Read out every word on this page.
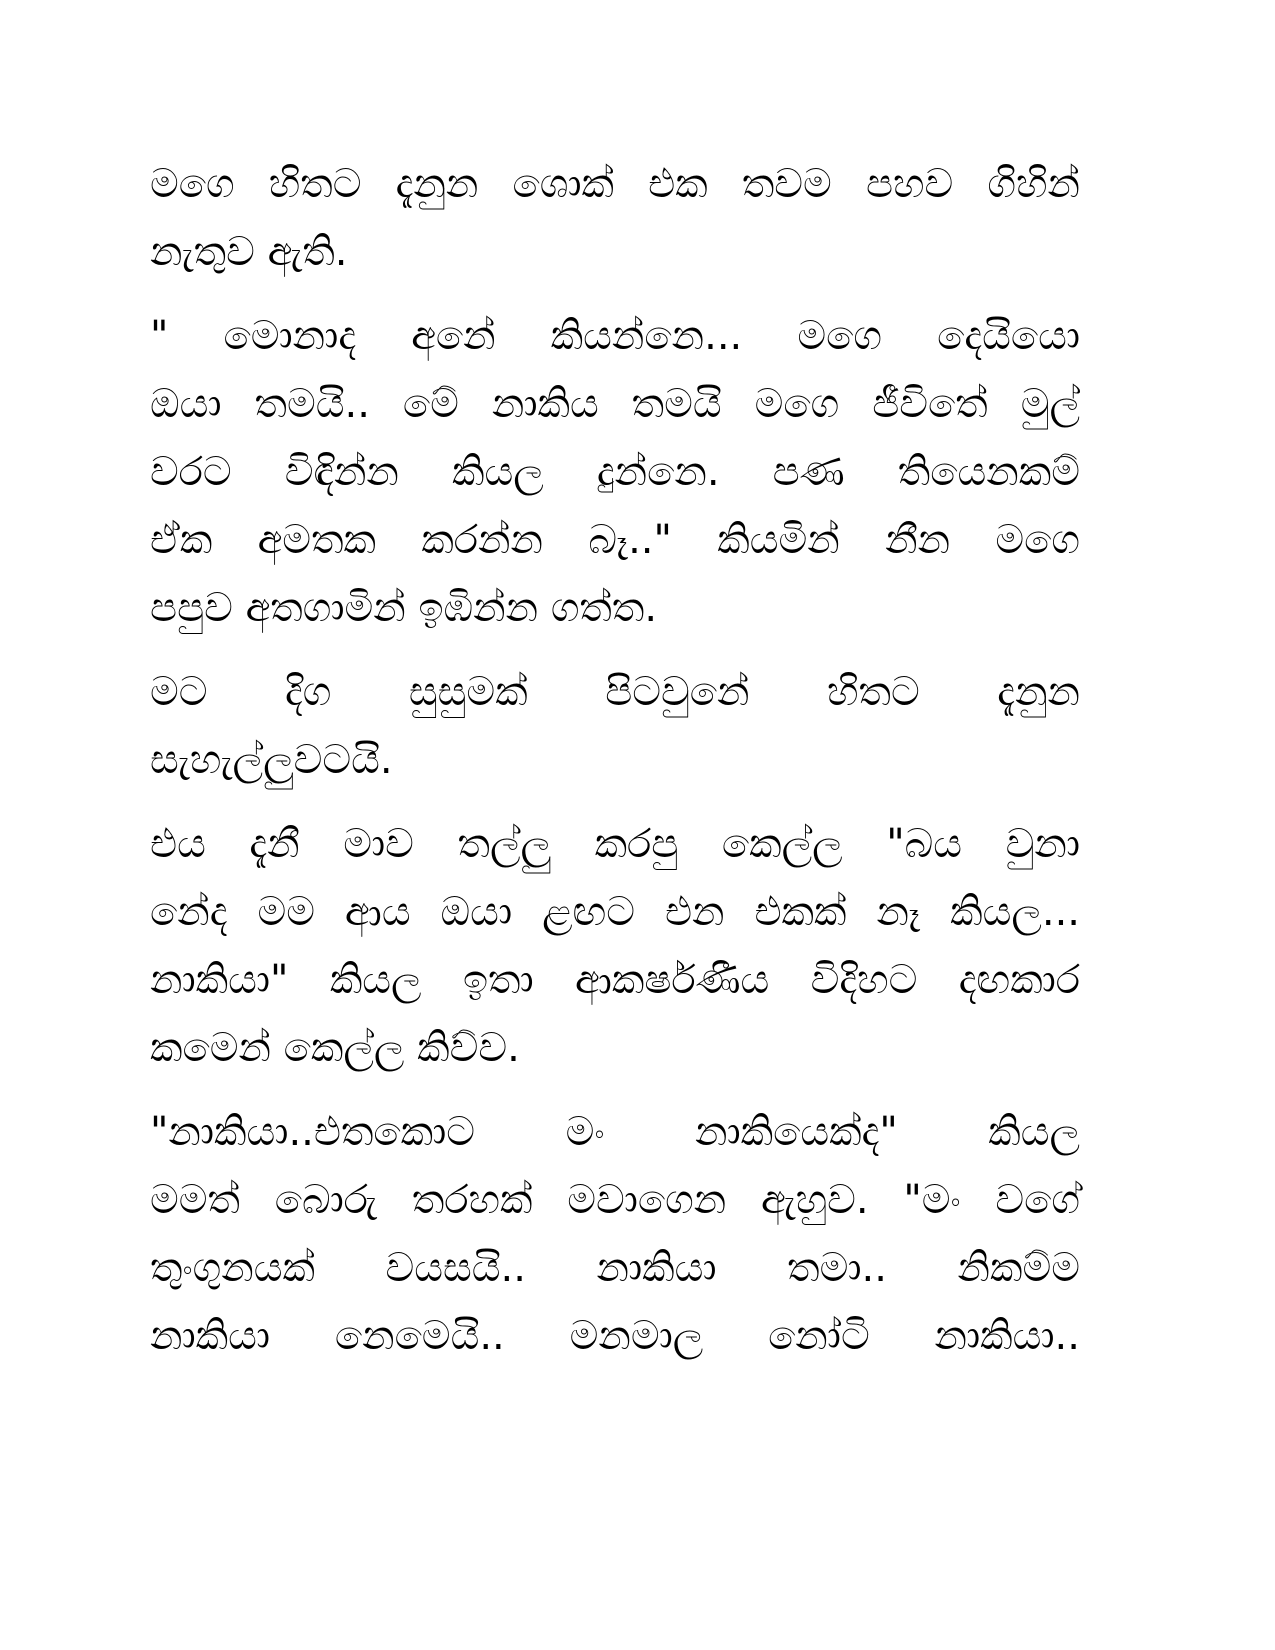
මගෙ හිතට දැනුන ශොක් එක තවම පහව ගිහින්
නැතුව ඇති.
" මොනාද අනේ කියන්නෙ... මගෙ දෙයියො
ඔයා තමයි.. මේ නාකිය තමයි මගෙ ජීවිතේ මුල්
වරට විඳින්න කියල දුන්නෙ. පණ තියෙනකම්
ඒක අමතක කරන්න බෑ.." කියමින් නීන මගෙ
පපුව අතගාමින් ඉඹින්න ගත්ත.
මට දිග සුසුමක් පිටවුනේ හිතට දැනුන
සැහැල්ලුවටයි.
එය දැනී මාව තල්ලු කරපු කෙල්ල "බය වුනා
නේද මම ආය ඔයා ළඟට එන එකක් නෑ කියල...
නාකියා" කියල ඉතා ආකර්ෂණීය විදිහට දඟකාර
කමෙන් කෙල්ල කිව්ව.
"නාකියා..එතකොට මං නාකියෙක්ද" කියල
මමත් බොරු තරහක් මවාගෙන ඇහුව. "මං වගේ
තුංගුනයක් වයසයි.. නාකියා තමා.. නිකම්ම
නාකියා නෙමෙයි.. මනමාල නෝටි නාකියා..
